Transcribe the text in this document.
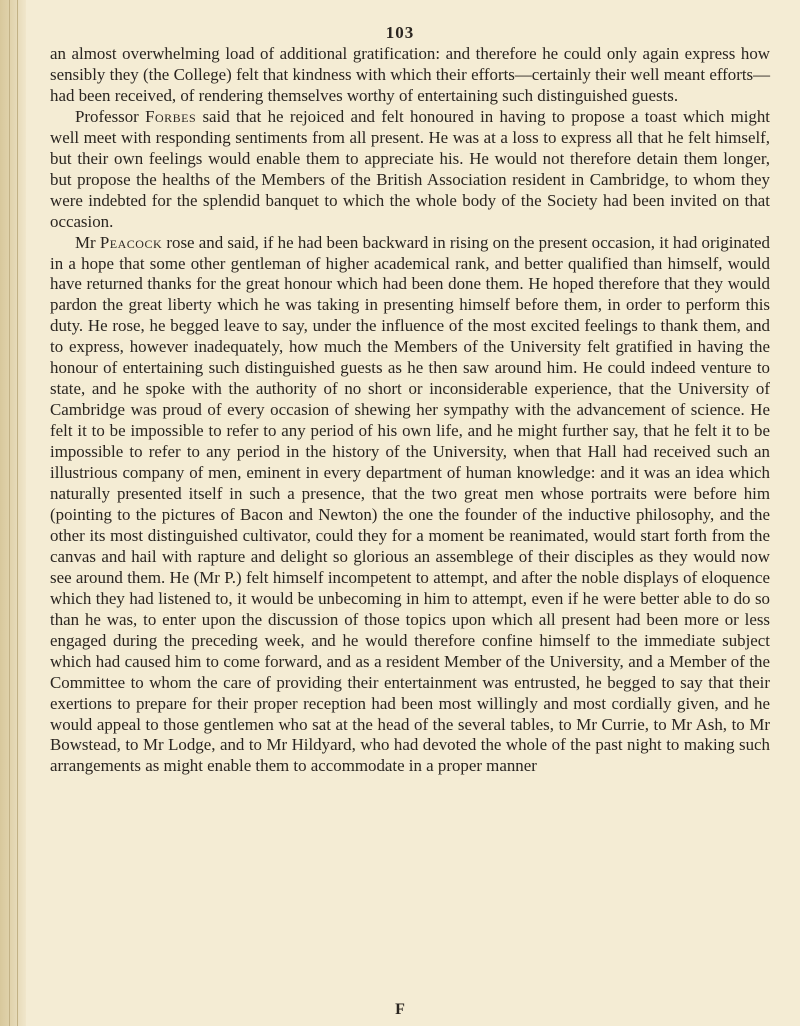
103

an almost overwhelming load of additional gratification: and therefore he could only again express how sensibly they (the College) felt that kindness with which their efforts—certainly their well meant efforts—had been received, of rendering themselves worthy of entertaining such distinguished guests.

Professor Forbes said that he rejoiced and felt honoured in having to propose a toast which might well meet with responding sentiments from all present. He was at a loss to express all that he felt himself, but their own feelings would enable them to appreciate his. He would not therefore detain them longer, but propose the healths of the Members of the British Association resident in Cambridge, to whom they were indebted for the splendid banquet to which the whole body of the Society had been invited on that occasion.

Mr Peacock rose and said, if he had been backward in rising on the present occasion, it had originated in a hope that some other gentleman of higher academical rank, and better qualified than himself, would have returned thanks for the great honour which had been done them. He hoped therefore that they would pardon the great liberty which he was taking in presenting himself before them, in order to perform this duty. He rose, he begged leave to say, under the influence of the most excited feelings to thank them, and to express, however inadequately, how much the Members of the University felt gratified in having the honour of entertaining such distinguished guests as he then saw around him. He could indeed venture to state, and he spoke with the authority of no short or inconsiderable experience, that the University of Cambridge was proud of every occasion of shewing her sympathy with the advancement of science. He felt it to be impossible to refer to any period of his own life, and he might further say, that he felt it to be impossible to refer to any period in the history of the University, when that Hall had received such an illustrious company of men, eminent in every department of human knowledge: and it was an idea which naturally presented itself in such a presence, that the two great men whose portraits were before him (pointing to the pictures of Bacon and Newton) the one the founder of the inductive philosophy, and the other its most distinguished cultivator, could they for a moment be reanimated, would start forth from the canvas and hail with rapture and delight so glorious an assemblege of their disciples as they would now see around them. He (Mr P.) felt himself incompetent to attempt, and after the noble displays of eloquence which they had listened to, it would be unbecoming in him to attempt, even if he were better able to do so than he was, to enter upon the discussion of those topics upon which all present had been more or less engaged during the preceding week, and he would therefore confine himself to the immediate subject which had caused him to come forward, and as a resident Member of the University, and a Member of the Committee to whom the care of providing their entertainment was entrusted, he begged to say that their exertions to prepare for their proper reception had been most willingly and most cordially given, and he would appeal to those gentlemen who sat at the head of the several tables, to Mr Currie, to Mr Ash, to Mr Bowstead, to Mr Lodge, and to Mr Hildyard, who had devoted the whole of the past night to making such arrangements as might enable them to accommodate in a proper manner

F
